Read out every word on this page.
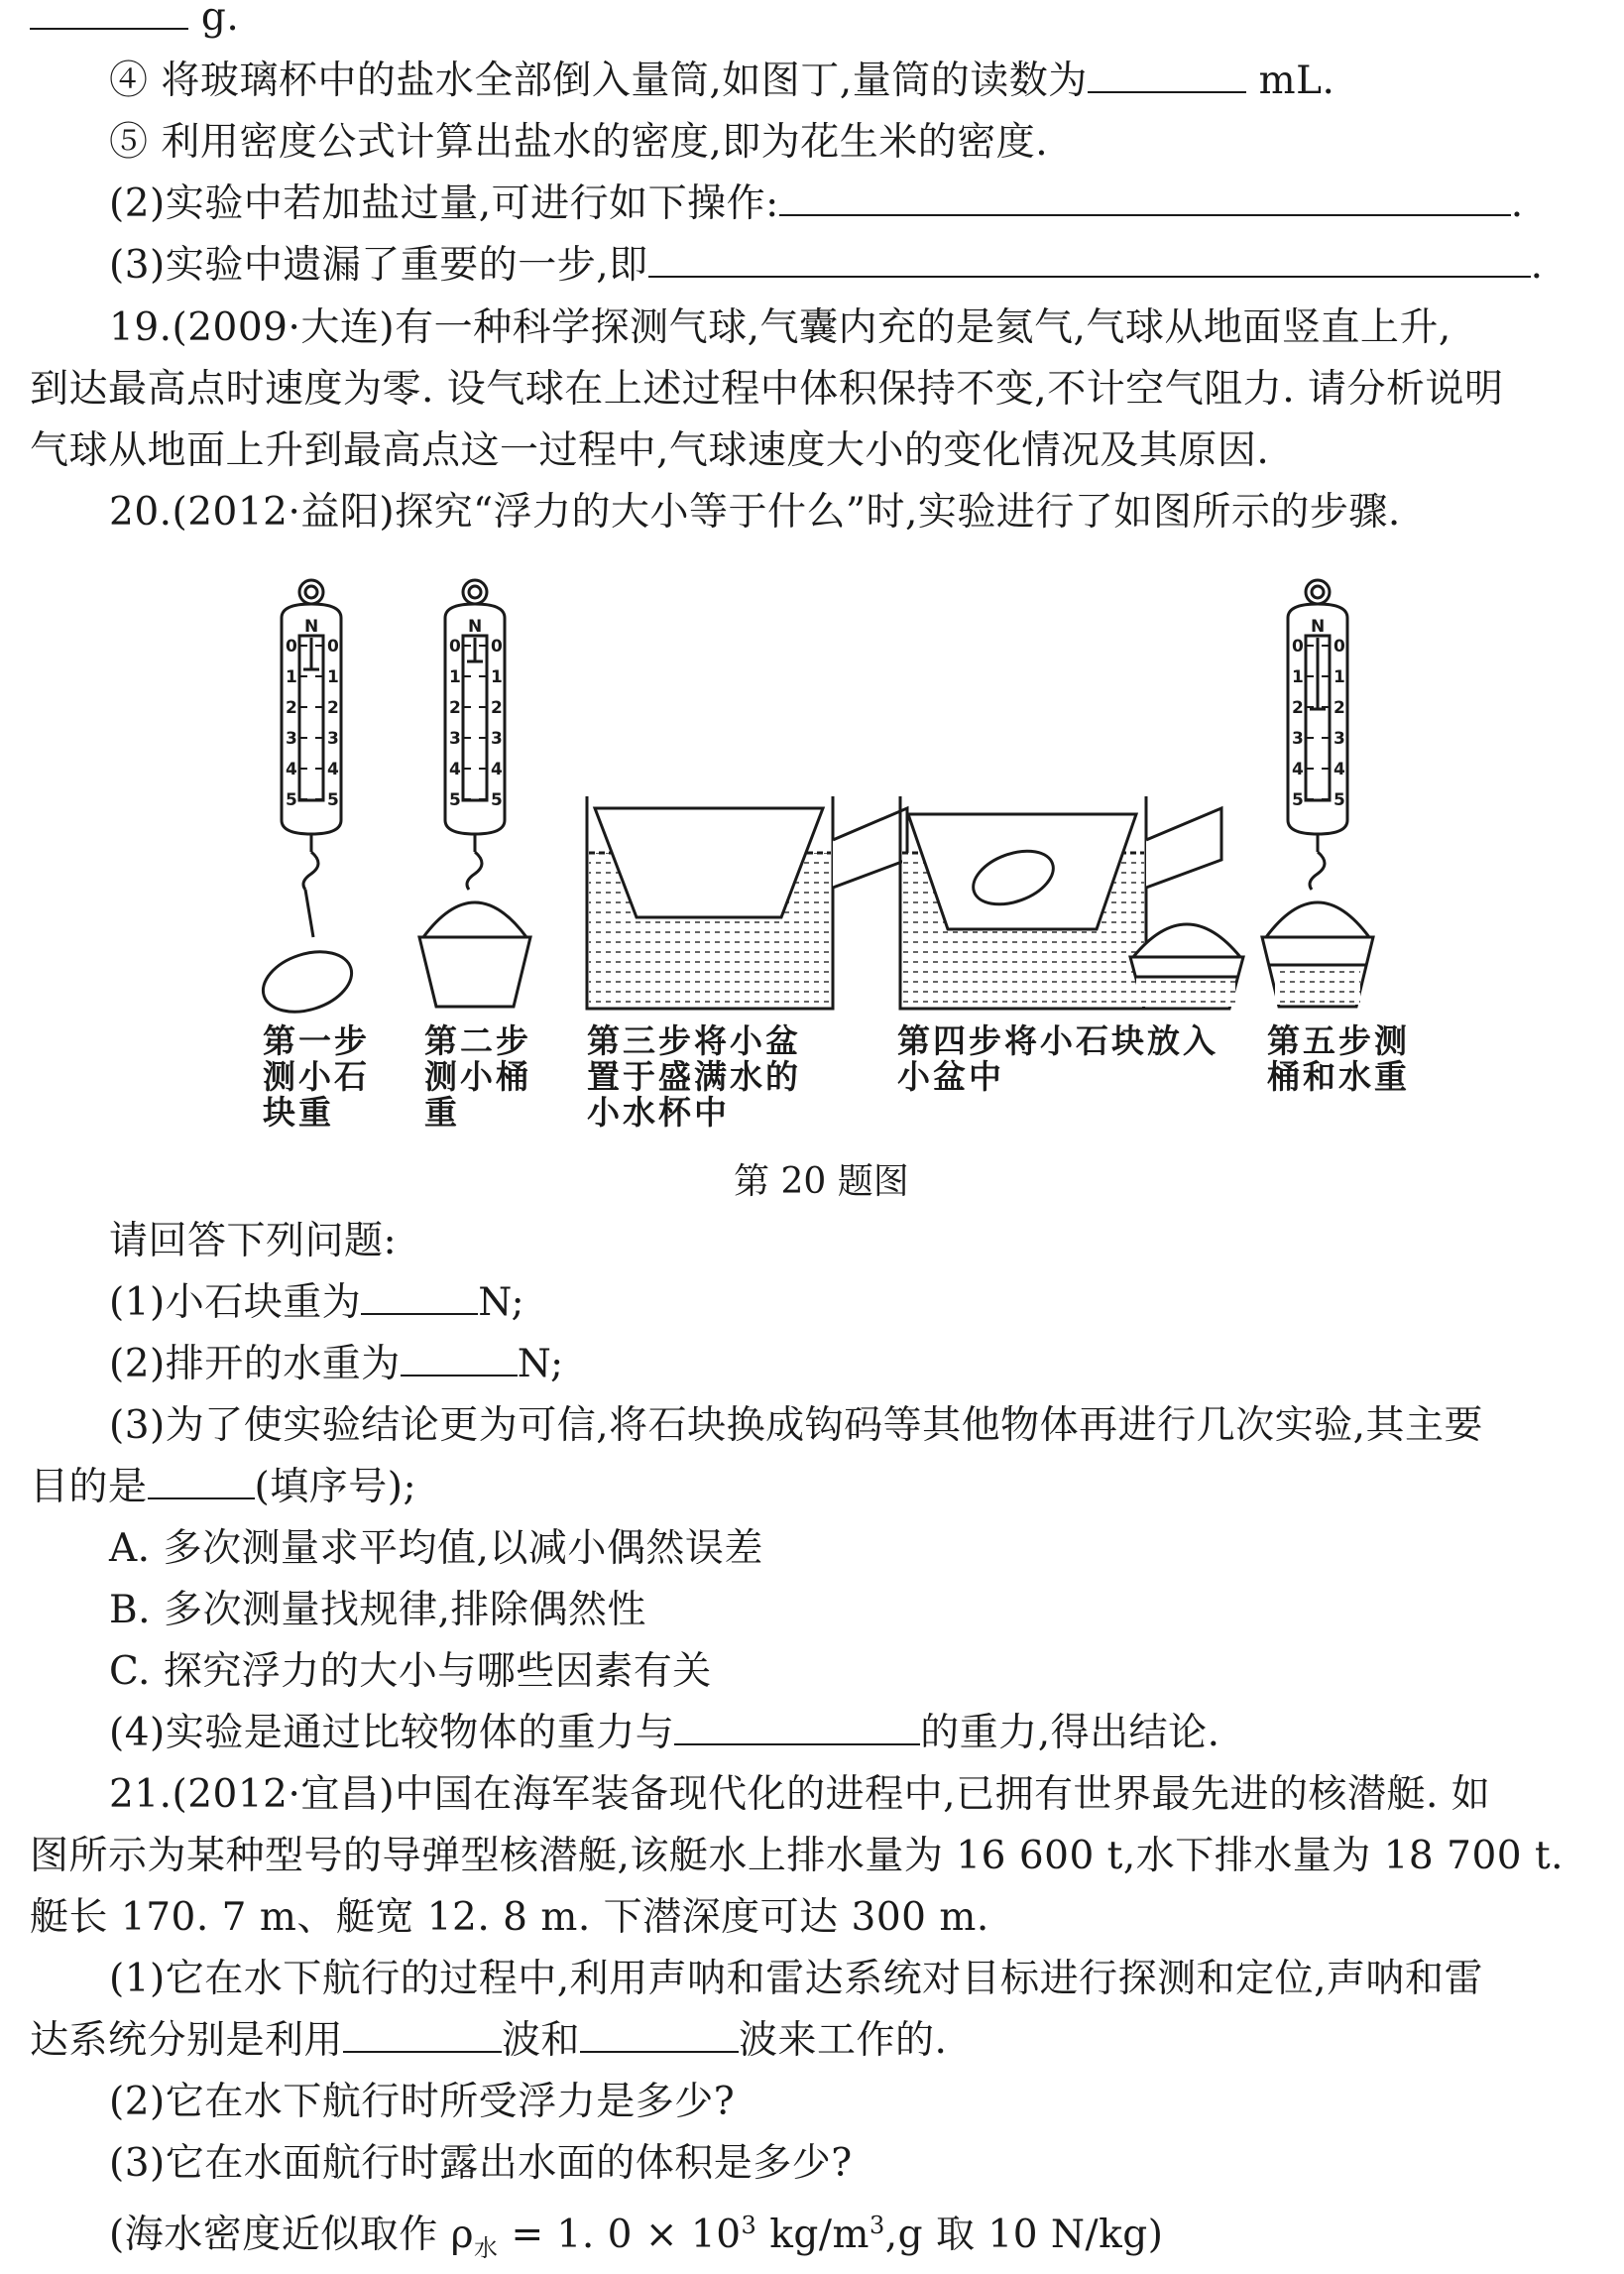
g.
④ 将玻璃杯中的盐水全部倒入量筒,如图丁,量筒的读数为	mL.
⑤ 利用密度公式计算出盐水的密度,即为花生米的密度.
(2)实验中若加盐过量,可进行如下操作:	.
(3)实验中遗漏了重要的一步,即	.
19.(2009·大连)有一种科学探测气球,气囊内充的是氦气,气球从地面竖直上升,
到达最高点时速度为零. 设气球在上述过程中体积保持不变,不计空气阻力. 请分析说明
气球从地面上升到最高点这一过程中,气球速度大小的变化情况及其原因.
20.(2012·益阳)探究“浮力的大小等于什么”时,实验进行了如图所示的步骤.
N
0 0
1 1
2 2
3 3
4 4
5 5
N
0 0
1 1
2 2
3 3
4 4
5 5
N
0 0
1 1
2 2
3 3
4 4
5 5
第一步
测小石
块重
第二步
测小桶
重
第三步将小盆
置于盛满水的
小水杯中
第四步将小石块放入
小盆中
第五步测
桶和水重
第 20 题图
请回答下列问题:
(1)小石块重为	N;
(2)排开的水重为	N;
(3)为了使实验结论更为可信,将石块换成钩码等其他物体再进行几次实验,其主要
目的是	(填序号);
A. 多次测量求平均值,以减小偶然误差
B. 多次测量找规律,排除偶然性
C. 探究浮力的大小与哪些因素有关
(4)实验是通过比较物体的重力与	的重力,得出结论.
21.(2012·宜昌)中国在海军装备现代化的进程中,已拥有世界最先进的核潜艇. 如
图所示为某种型号的导弹型核潜艇,该艇水上排水量为 16 600 t,水下排水量为 18 700 t.
艇长 170. 7 m、艇宽 12. 8 m. 下潜深度可达 300 m.
(1)它在水下航行的过程中,利用声呐和雷达系统对目标进行探测和定位,声呐和雷
达系统分别是利用	波和	波来工作的.
(2)它在水下航行时所受浮力是多少?
(3)它在水面航行时露出水面的体积是多少?
(海水密度近似取作 $\rho_水 = 1$. $0 \times 10^3$ $kg/m^3,g$ 取 10 N/kg)
